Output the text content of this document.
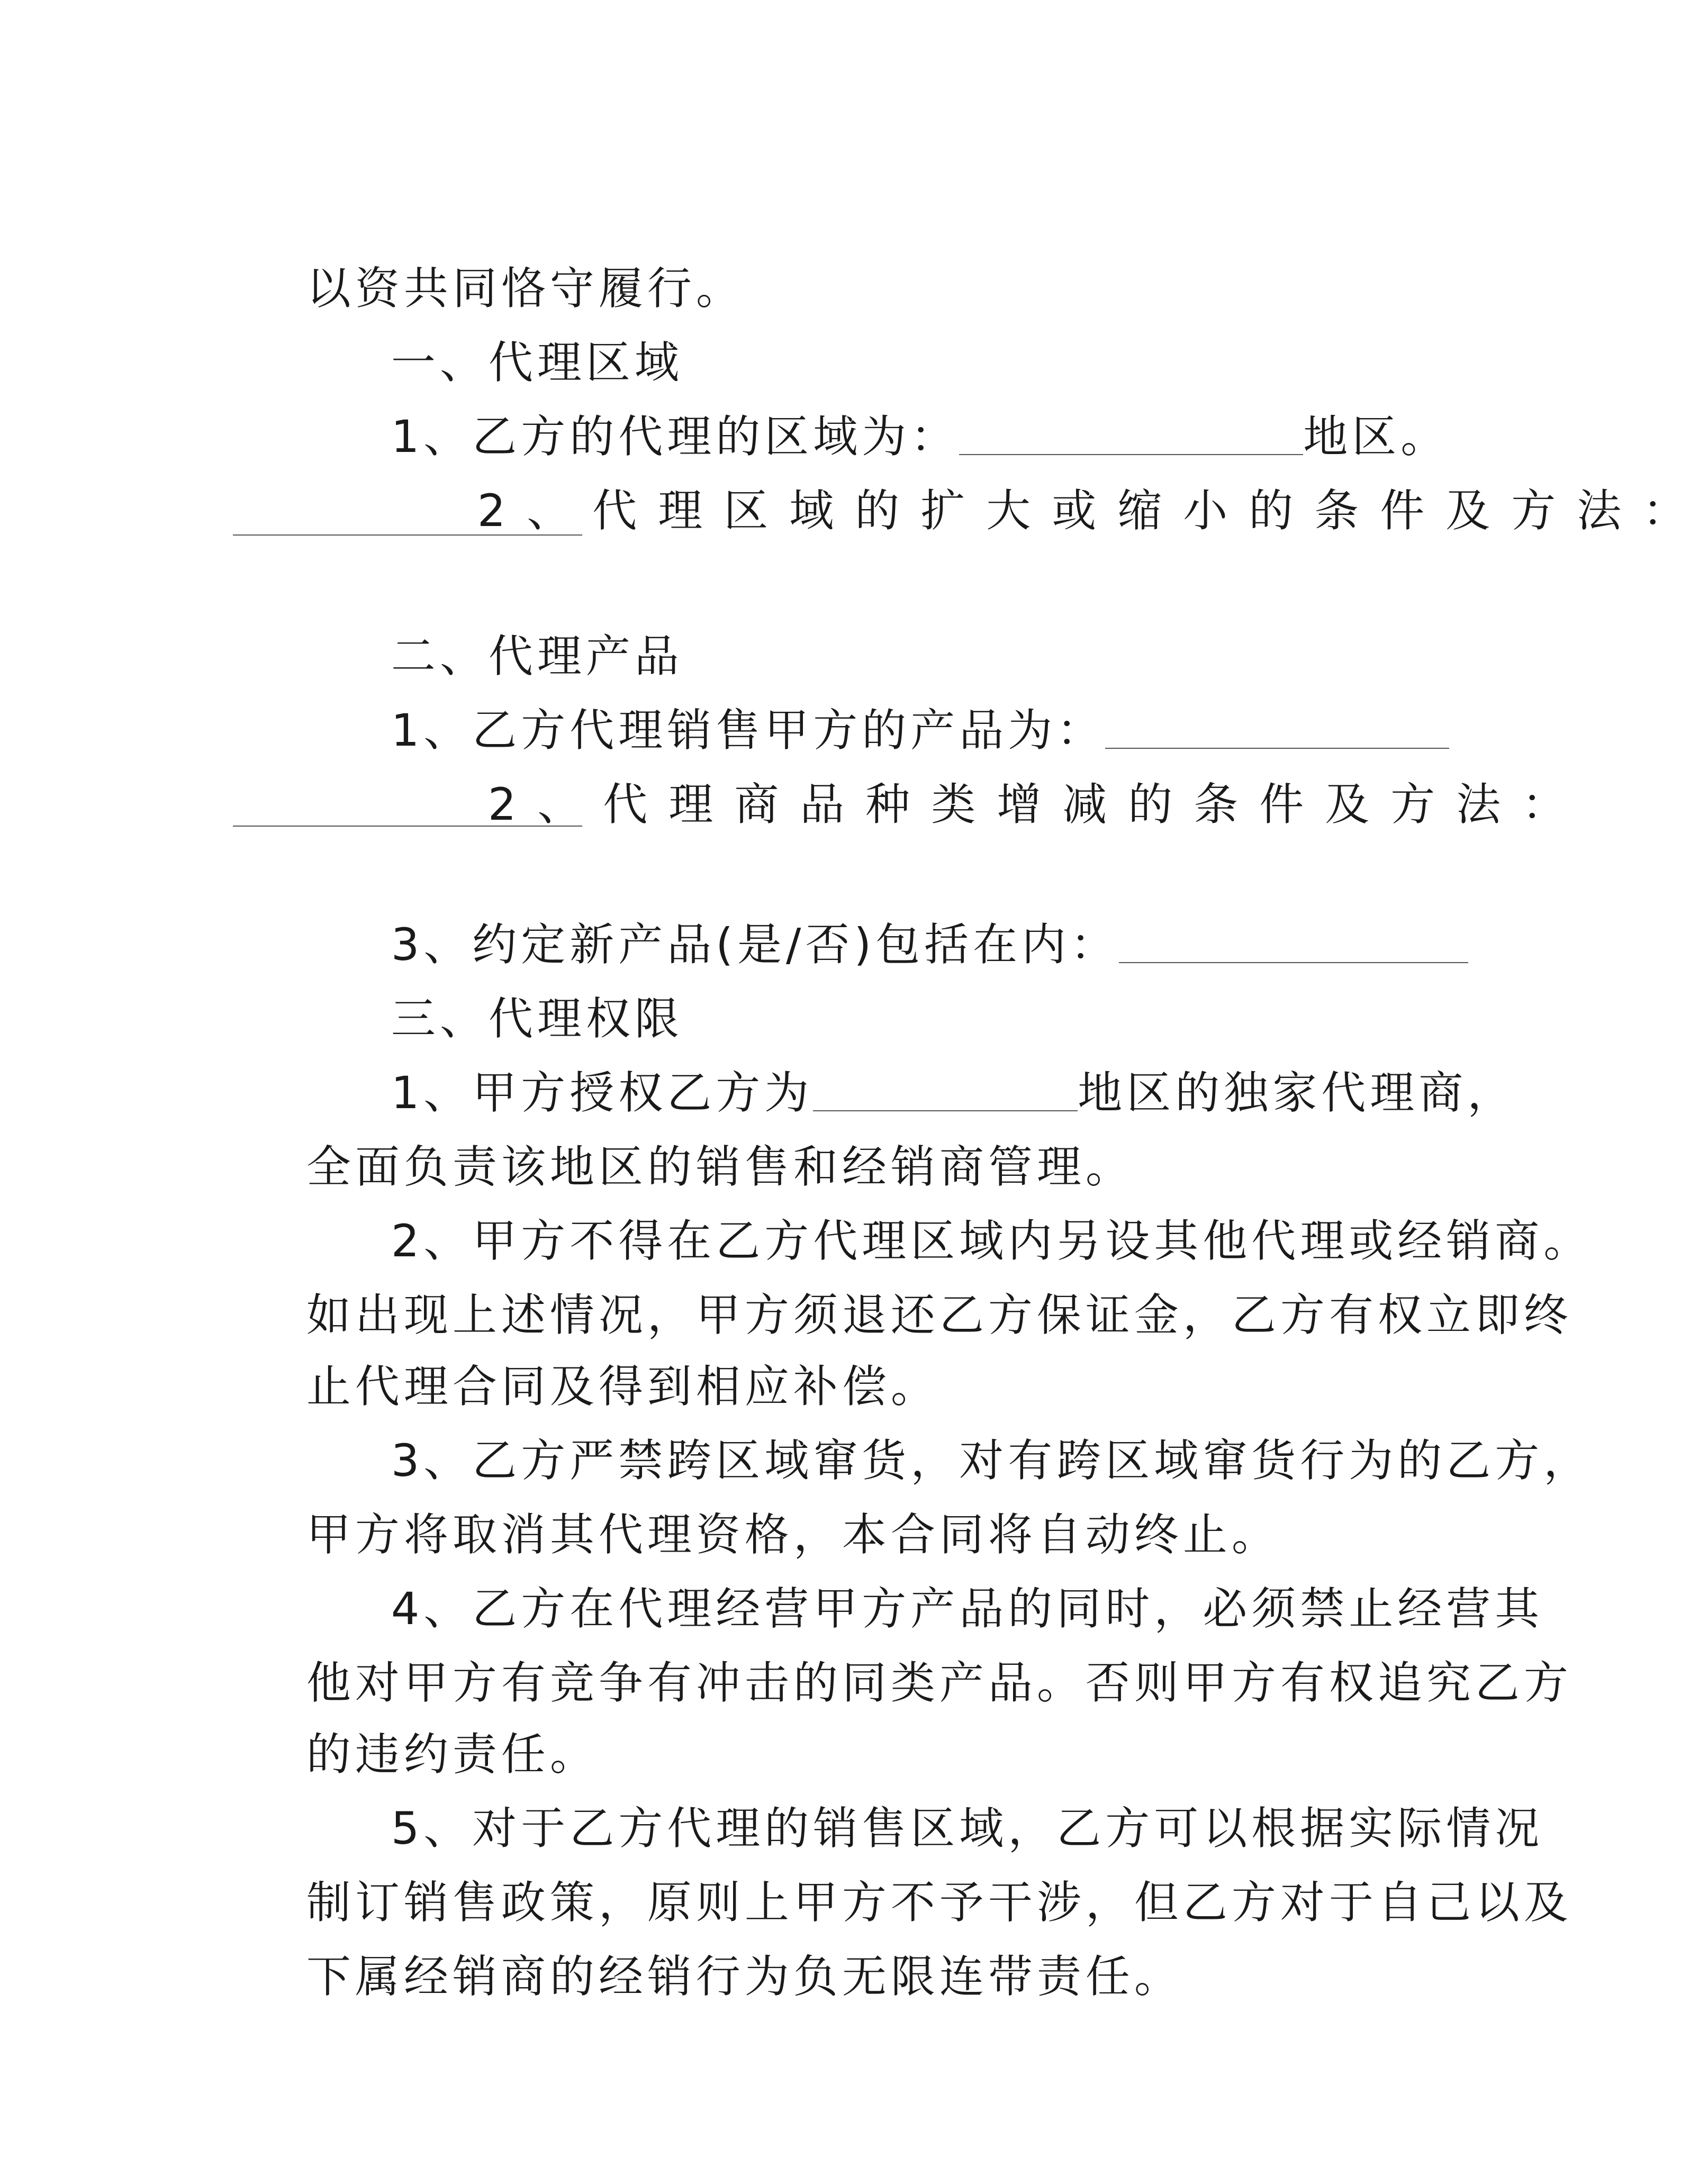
以资共同恪守履行。

一、代理区域

1、乙方的代理的区域为：	地区。

2、代理区域的扩大或缩小的条件及方法：

二、代理产品

1、乙方代理销售甲方的产品为：

2、代理商品种类增减的条件及方法：

3、约定新产品(是/否)包括在内：

三、代理权限

1、甲方授权乙方为	地区的独家代理商，

全面负责该地区的销售和经销商管理。

2、甲方不得在乙方代理区域内另设其他代理或经销商。

如出现上述情况，甲方须退还乙方保证金，乙方有权立即终

止代理合同及得到相应补偿。

3、乙方严禁跨区域窜货，对有跨区域窜货行为的乙方，

甲方将取消其代理资格，本合同将自动终止。

4、乙方在代理经营甲方产品的同时，必须禁止经营其

他对甲方有竞争有冲击的同类产品。否则甲方有权追究乙方

的违约责任。

5、对于乙方代理的销售区域，乙方可以根据实际情况

制订销售政策，原则上甲方不予干涉，但乙方对于自己以及

下属经销商的经销行为负无限连带责任。
